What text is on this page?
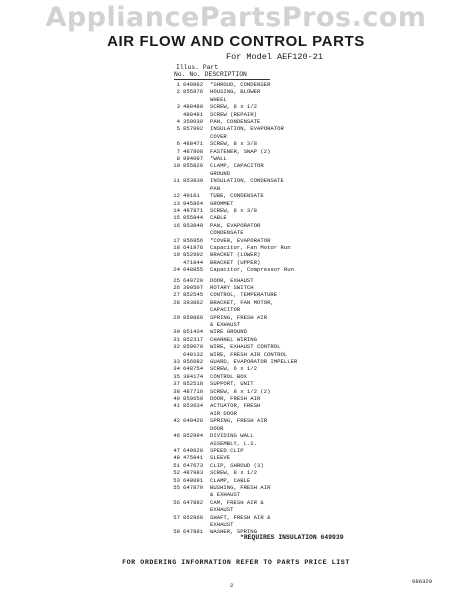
AppliancePartsPros.com
AIR FLOW AND CONTROL PARTS
For Model AEF120-21
Illus. Part
No. No. DESCRIPTION
1 649862	*SHROUD, CONDENSER
2 855876	HOUSING, BLOWER
WHEEL
3 488480	SCREW, 8 x 1/2
488481	SCREW (REPAIR)
4 359030	PAN, CONDENSATE
5 857092	INSULATION, EVAPORATOR
COVER
6 488471	SCREW, 8 x 3/8
7 487808	FASTENER, SNAP (2)
8 994097	*WALL
10 855829	CLAMP, CAPACITOR
GROUND
11 853839	INSULATION, CONDENSATE
PAN
12 49181	TUBE, CONDENSATE
13 845864	GROMMET
14 487871	SCREW, 8 x 3/8
15 855844	CABLE
16 853840	PAN, EVAPORATOR
CONDENSATE
17 856956	*COVER, EVAPORATOR
18 641976	Capacitor, Fan Motor Run
19 852992	BRACKET (LOWER)
471844	BRACKET (UPPER)
24 648855	Capacitor, Compressor Run
25 649720	DOOR, EXHAUST
26 390507	ROTARY SWITCH
27 852545	CONTROL, TEMPERATURE
28 393862	BRACKET, FAN MOTOR,
CAPACITOR
29 859860	SPRING, FRESH AIR
& EXHAUST
30 851434	WIRE GROUND
31 852317	CHANNEL WIRING
32 859070	WIRE, EXHAUST CONTROL
648132	WIRE, FRESH AIR CONTROL
33 856082	GUARD, EVAPORATOR IMPELLER
34 648754	SCREW, 6 x 1/2
35 394174	CONTROL BOX
37 852518	SUPPORT, UNIT
38 487710	SCREW, 8 x 1/2 (2)
40 859659	DOOR, FRESH AIR
41 853634	ACTUATOR, FRESH
AIR DOOR
42 649428	SPRING, FRESH AIR
DOOR
46 852994	DIVIDING WALL
ASSEMBLY, L.S.
47 649620	SPEED CLIP
48 475841	SLEEVE
51 647673	CLIP, SHROUD (3)
52 487983	SCREW, 8 x 1/2
53 648091	CLAMP, CABLE
55 647879	BUSHING, FRESH AIR
& EXHAUST
56 647882	CAM, FRESH AIR &
EXHAUST
57 852868	SHAFT, FRESH AIR &
EXHAUST
58 647881	WASHER, SPRING
*REQUIRES INSULATION 649939
FOR ORDERING INFORMATION REFER TO PARTS PRICE LIST
2
986329
